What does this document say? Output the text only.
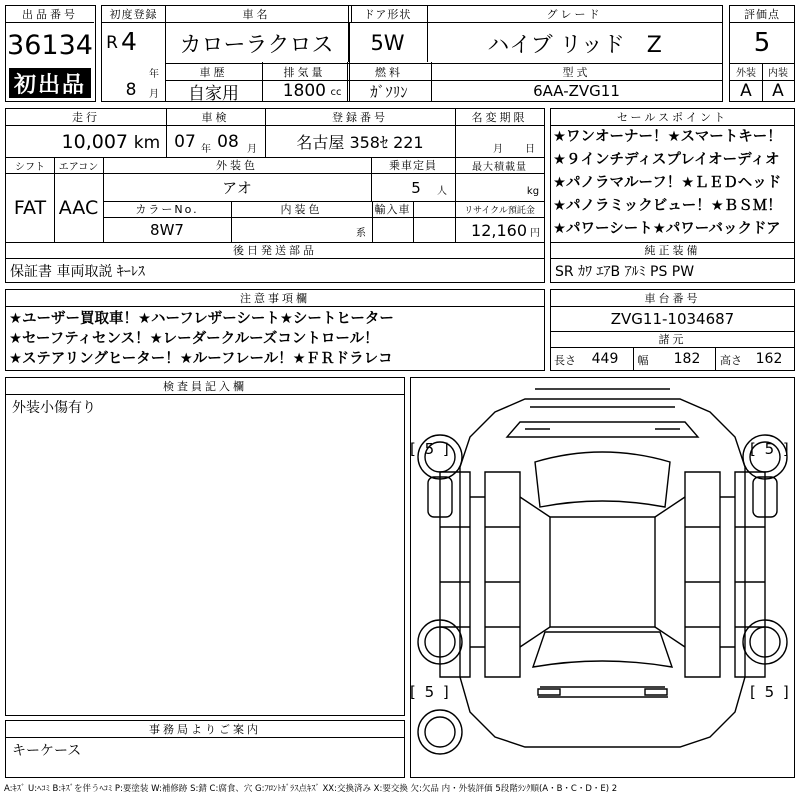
出品番号
36134
初出品
初度登録
R 4
年
8	月
車名
カローラクロス
ドア形状
5W
グレード
ハイブ リッド　Z
車歴
自家用
排気量
1800 cc
燃料
ｶﾞｿﾘﾝ
型式
6AA-ZVG11
評価点
5
外装	内装
A	A
走行
10,007 km
車検
07 年 08 月
登録番号
名古屋 358ｾ 221
名変期限
月	日
シフト
FAT
エアコン
AAC
外装色
アオ
乗車定員
5	人
最大積載量
kg
カラーNo.
8W7
内装色
系
輸入車	リサイクル預託金
12,160 円
後日発送部品
保証書 車両取説 ｷｰﾚｽ
セールスポイント
★ワンオーナー！★スマートキー！
★９インチディスプレイオーディオ
★パノラマルーフ！★ＬＥＤヘッド
★パノラミックビュー！★ＢＳＭ！
★パワーシート★パワーバックドア
純正装備
SR ｶﾜ ｴｱB ｱﾙﾐ PS PW
注意事項欄
★ユーザー買取車！★ハーフレザーシート★シートヒーター
★セーフティセンス！★レーダークルーズコントロール！
★ステアリングヒーター！★ルーフレール！★ＦＲドラレコ
車台番号
ZVG11-1034687
諸元
長さ	449	幅	182	高さ 162
検査員記入欄
外装小傷有り
事務局よりご案内
キーケース
[ 5 ]	[ 5 ]
[ 5 ]	[ 5 ]
A:ｷｽﾞ U:ﾍｺﾐ B:ｷｽﾞを伴うﾍｺﾐ P:要塗装 W:補修跡 S:錆 C:腐食、穴 G:ﾌﾛﾝﾄｶﾞﾗｽ点ｷｽﾞ XX:交換済み X:要交換 欠:欠品 内・外装評価 5段階ﾗﾝｸ順(A・B・C・D・E) 2
